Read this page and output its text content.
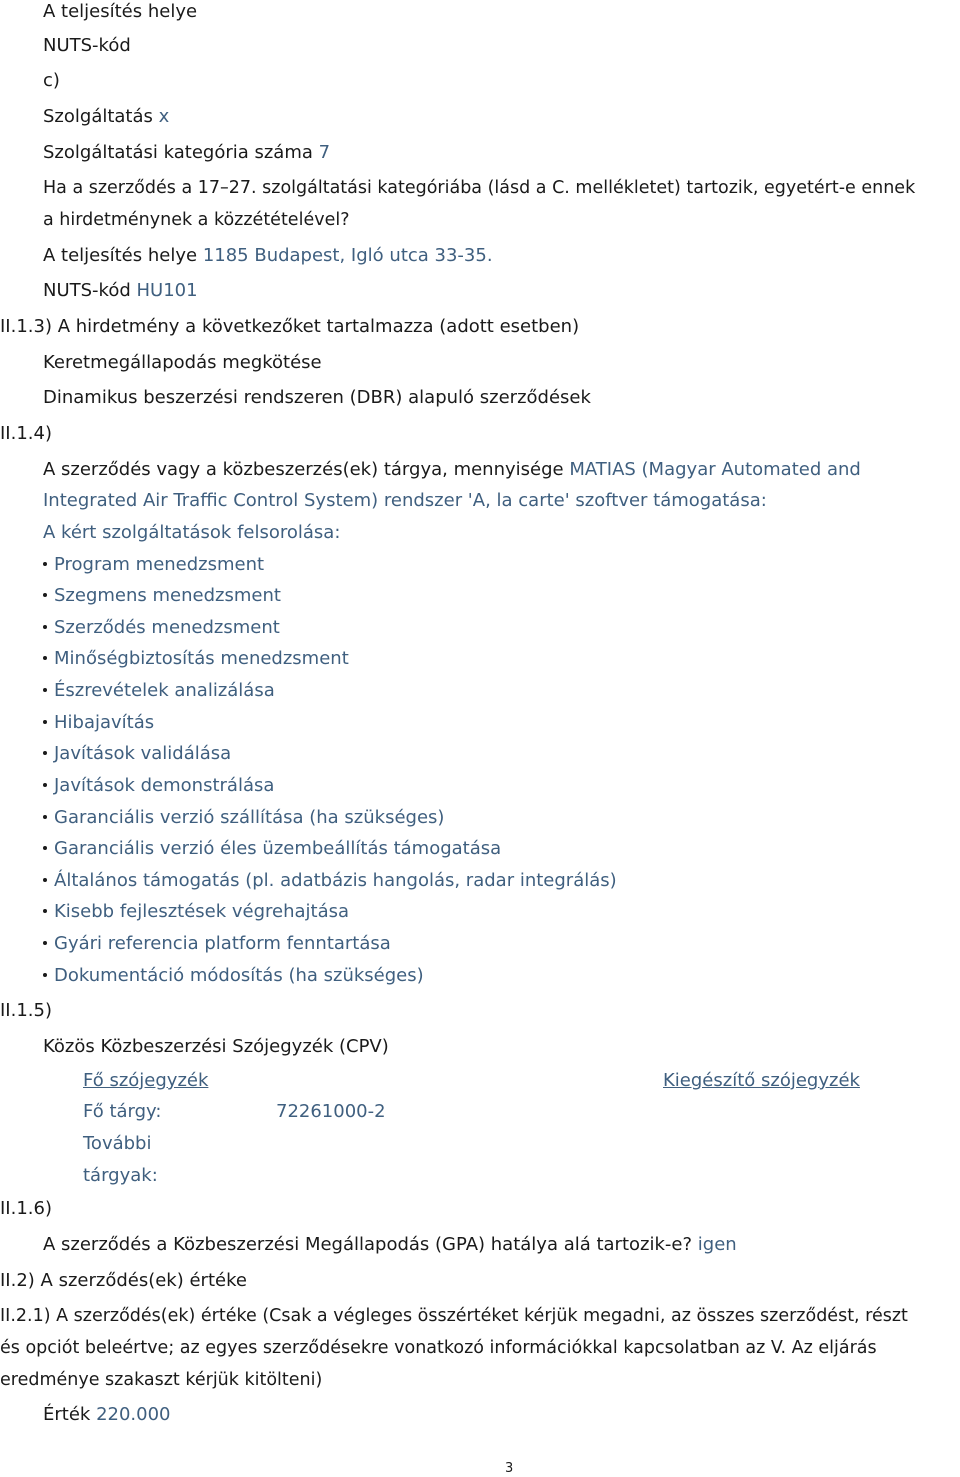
A teljesítés helye
NUTS-kód
c)
Szolgáltatás x
Szolgáltatási kategória száma 7
Ha a szerződés a 17–27. szolgáltatási kategóriába (lásd a C. mellékletet) tartozik, egyetért-e ennek
a hirdetménynek a közzétételével?
A teljesítés helye 1185 Budapest, Igló utca 33-35.
NUTS-kód HU101
II.1.3) A hirdetmény a következőket tartalmazza (adott esetben)
Keretmegállapodás megkötése
Dinamikus beszerzési rendszeren (DBR) alapuló szerződések
II.1.4)
A szerződés vagy a közbeszerzés(ek) tárgya, mennyisége MATIAS (Magyar Automated and
Integrated Air Traffic Control System) rendszer 'A, la carte' szoftver támogatása:
A kért szolgáltatások felsorolása:
Program menedzsment
Szegmens menedzsment
Szerződés menedzsment
Minőségbiztosítás menedzsment
Észrevételek analizálása
Hibajavítás
Javítások validálása
Javítások demonstrálása
Garanciális verzió szállítása (ha szükséges)
Garanciális verzió éles üzembeállítás támogatása
Általános támogatás (pl. adatbázis hangolás, radar integrálás)
Kisebb fejlesztések végrehajtása
Gyári referencia platform fenntartása
Dokumentáció módosítás (ha szükséges)
II.1.5)
Közös Közbeszerzési Szójegyzék (CPV)
Fő szójegyzék	Kiegészítő szójegyzék
Fő tárgy:	72261000-2
További
tárgyak:
II.1.6)
A szerződés a Közbeszerzési Megállapodás (GPA) hatálya alá tartozik-e? igen
II.2) A szerződés(ek) értéke
II.2.1) A szerződés(ek) értéke (Csak a végleges összértéket kérjük megadni, az összes szerződést, részt
és opciót beleértve; az egyes szerződésekre vonatkozó információkkal kapcsolatban az V. Az eljárás
eredménye szakaszt kérjük kitölteni)
Érték 220.000
3
